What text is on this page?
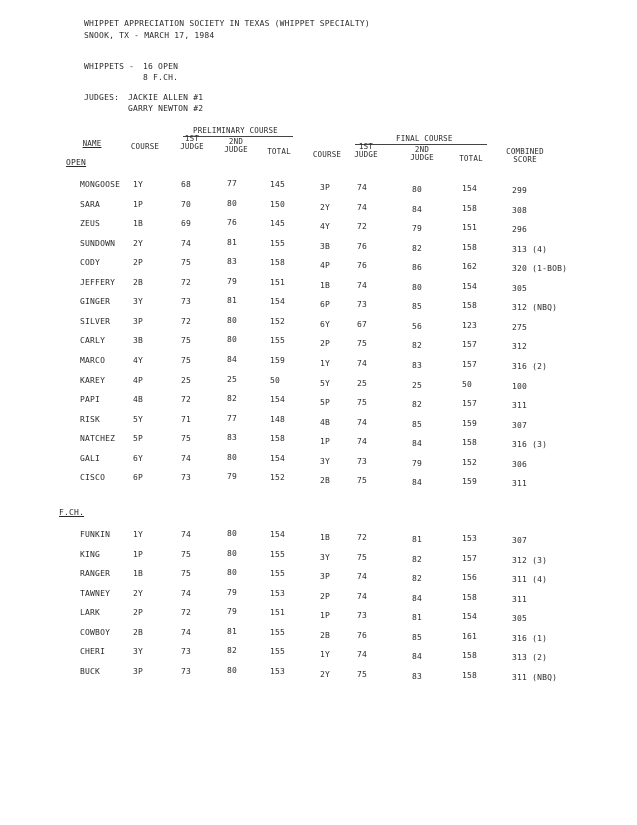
WHIPPET APPRECIATION SOCIETY IN TEXAS (WHIPPET SPECIALTY)
SNOOK, TX - MARCH 17, 1984
WHIPPETS - 16 OPEN
8 F.CH.
JUDGES: JACKIE ALLEN #1
GARRY NEWTON #2
PRELIMINARY COURSE
FINAL COURSE
NAME	COURSE
1ST
JUDGE
2ND
JUDGE	TOTAL	COURSE
1ST
JUDGE
2ND
JUDGE	TOTAL
COMBINED
SCORE
OPEN
MONGOOSE 1Y	68	77	145	3P	74	80	154	299
SARA	1P	70	80	150	2Y	74	84	158	308
ZEUS	1B	69	76	145	4Y	72	79	151	296
SUNDOWN 2Y	74	81	155	3B	76	82	158	313 (4)
CODY	2P	75	83	158	4P	76	86	162	320 (1-BOB)
JEFFERY 2B	72	79	151	1B	74	80	154	305
GINGER	3Y	73	81	154	6P	73	85	158	312 (NBQ)
SILVER	3P	72	80	152	6Y	67	56	123	275
CARLY	3B	75	80	155	2P	75	82	157	312
MARCO	4Y	75	84	159	1Y	74	83	157	316 (2)
KAREY	4P	25	25	50	5Y	25	25	50	100
PAPI	4B	72	82	154	5P	75	82	157	311
RISK	5Y	71	77	148	4B	74	85	159	307
NATCHEZ 5P	75	83	158	1P	74	84	158	316 (3)
GALI	6Y	74	80	154	3Y	73	79	152	306
CISCO	6P	73	79	152	2B	75	84	159	311
F.CH.
FUNKIN	1Y	74	80	154	1B	72	81	153	307
KING	1P	75	80	155	3Y	75	82	157	312 (3)
RANGER	1B	75	80	155	3P	74	82	156	311 (4)
TAWNEY	2Y	74	79	153	2P	74	84	158	311
LARK	2P	72	79	151	1P	73	81	154	305
COWBOY	2B	74	81	155	2B	76	85	161	316 (1)
CHERI	3Y	73	82	155	1Y	74	84	158	313 (2)
BUCK	3P	73	80	153	2Y	75	83	158	311 (NBQ)
